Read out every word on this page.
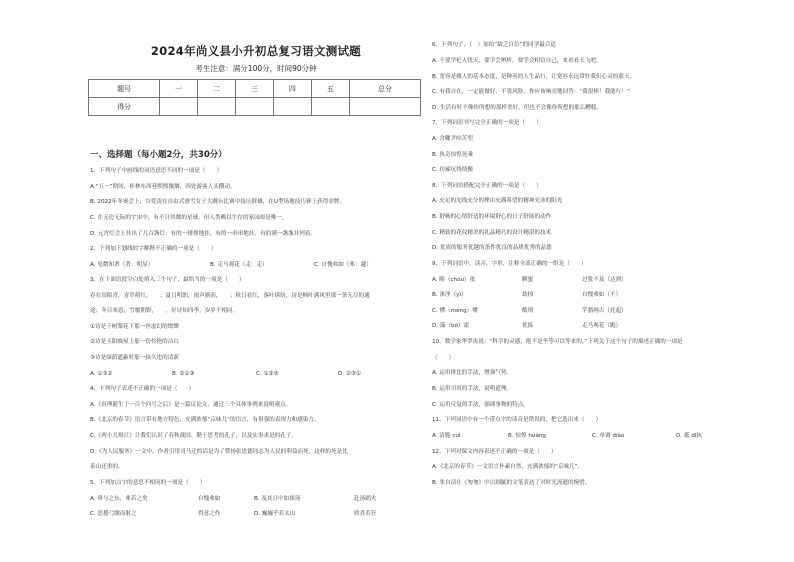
2024年尚义县小升初总复习语文测试题
考生注意：满分100分，时间90分钟
题号	一	二	三	四	五	总分
得分						
一、选择题（每小题2分，共30分）
1、下列句子中画线的词语意思不同的一项是（　　）
A.“五一”期间，桂林东西巷熙熙攘攘，四处游客人头攒动。
B. 2022年冬奥会上，谷爱凌在自由式滑雪女子大跳台比赛中技压群雄，在U型场地技巧赛上获得金牌。
C. 在无边无际的宇宙中，有不计其数的星球，但人类赖以生存的家园却是唯一。
D. 元宵灯会上挂出了几百盏灯：有的一排排地挂，有的一串串地挂，有的满一盏盏并列着。
2、下列加下划线的字解释不正确的一项是（　　）
A. 见微知著（著：明显）	B. 走马观花（走：走）	C. 自愧弗如（弗：越）
3、在下面语段空白处填入三个句子，最恰当的一项是（　　）
春在田陌青，青草萌红，　　；夏日明朗，雨声淅沥，　　；秋日看红，落叶缤纷，诗是枫叶满风里那一条无尽的通
途；冬日寒意，雪覆朝野，　　。好诗知四季，岁岁不相同。
①诗是千树梨花下那一丝虚幻的缥缈
②诗是玉阳映屋上那一份怜艳的洁白
③诗是绿荫遮蔽时那一抹久违的清新
A. ①③②	B. ②①③	C. ①②③	D. ②③①
4、下列句子表述不正确的一项是（　　）
A.《真理诞生于一百个问号之后》是一篇议论文，通过三个具体事例来说明观点。
B.《北京的春节》语言带有地方特色，充满浓郁“京味儿”的语言，有很强的表现力和感染力。
C.《两小儿辩日》让我们认识了春秋战国、勤于思考的孔子，以及实事求是的孔子。
D.《为人民服务》一文中，作者引用司马迁的话是为了赞扬张思德同志为人民的利益而死，这样的死是比
泰山还重的。
5、下列加点字的意思不相同的一项是（　　）
A. 垂与之东，弗若之矣	自愧弗如	B. 及其日中如探汤	赴汤蹈火
C. 思援弓缴而射之	得意之作	D. 巍巍乎若太山	欣喜若狂
6、下列句子，（　）加给“缺乏自信”的同学最合适
A. 不要学杞人忧天，要学会辨析，要学会相信自己，来看看天飞吧。
B. 宽容是做人的基本态度，是种善的人生品行，让宽容永远常驻我们心灵的蓝天。
C. 有我自在，一定能做好，不畏风险，你应该响亮地回答：“我很棒！我能行！”
D. 生活有时不像你所想的那样美好，但也不会像你所想的那么糟糕。
7、下列词语书写完全正确的一项是（　　）
A. 含糊尹咬苦型
B. 执奇惊惶死乘
C. 仿郝坑绕绕搬
8、下列词语搭配完全正确的一项是（　　）
A. 充足的光线充分的理由充满希望的精神充沛的阳光
B. 舒畅的心情舒适的环境舒心的日子舒展的动作
C. 精致的花纹精美的礼品精巧的设计精湛的技术
D. 优质的服务优越的条件优良的品质优秀的品德
9、下列词语中，读音、字形、注释全部正确的一组是（　　）
A. 畴（chóu）依	瞬蜜	过犹不及（达到）
B. 涞淫（yì）	劫掠	自愧弗如（不）
C. 懂（méng）懂	酷刑	竿豁网古（托起）
D. 藻（bó）霍	优拣	走马观花（跑）
10、数学家华罗庚说：“科学的灵感，绝不是坐等可以等来的。”下列关于这个句子的描述正确的一项是
（　　）
A. 运用排比的手法，增强气势。
B. 运用引用的手法，说明道理。
C. 运用反复的手法，强调事物的特点。
11、下列词语中有一个带点字的读音是错误的，把它选出来（　　）
A. 清脆 cuì	B. 惊惶 huáng	C. 单调 diào	D. 抵 dǐ抗
12、下列对课文内容表述不正确的一项是（　　）
A.《北京的春节》一文语言朴素自然，充满浓郁的“京味儿”。
B. 朱自清在《匆匆》中以细腻的文笔表达了对时光流逝的惋惜。
